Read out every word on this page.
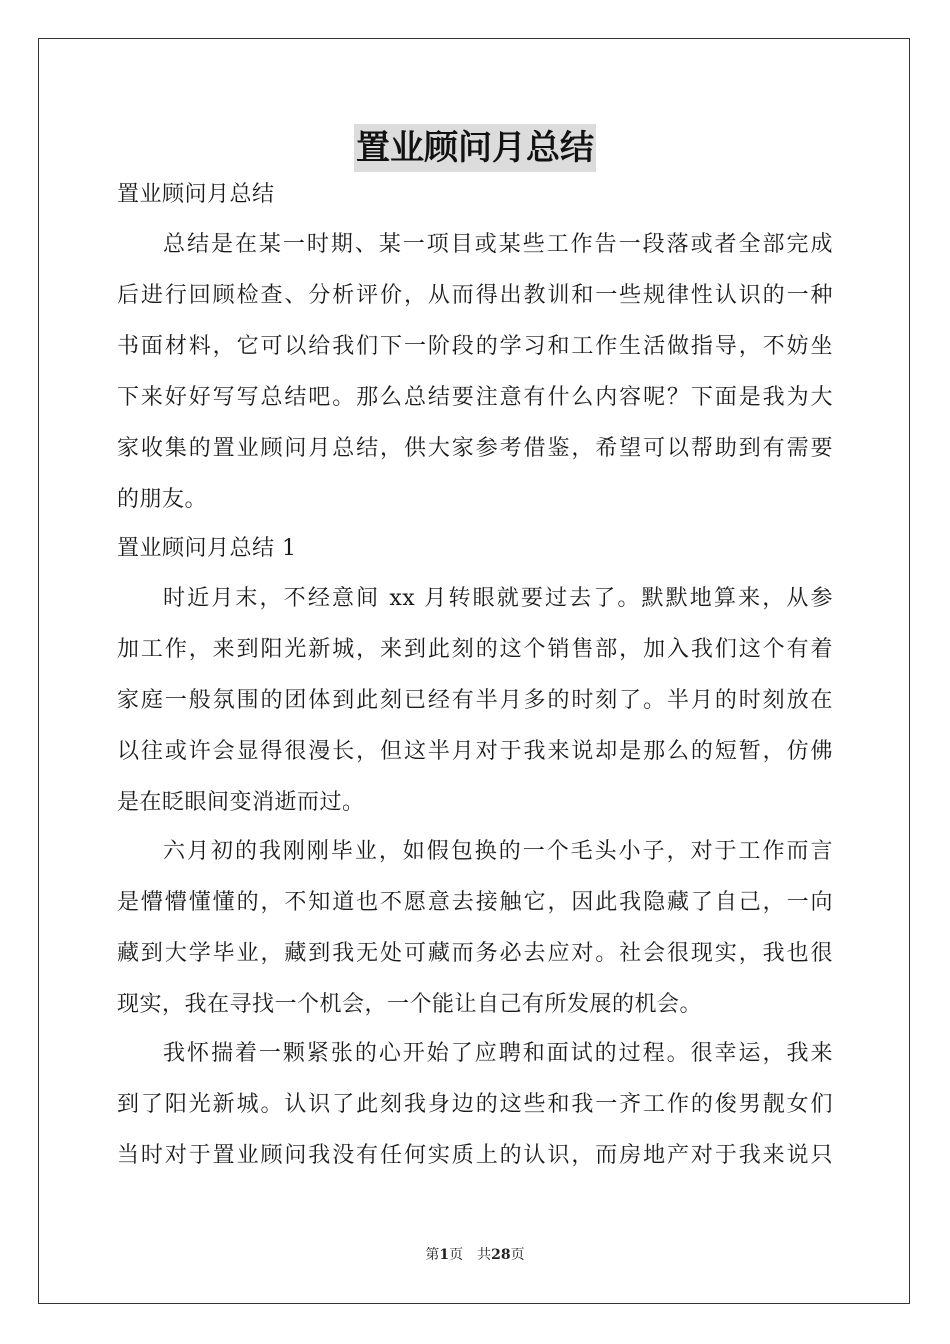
置业顾问月总结
置业顾问月总结
总结是在某一时期、某一项目或某些工作告一段落或者全部完成
后进行回顾检查、分析评价，从而得出教训和一些规律性认识的一种
书面材料，它可以给我们下一阶段的学习和工作生活做指导，不妨坐
下来好好写写总结吧。那么总结要注意有什么内容呢？下面是我为大
家收集的置业顾问月总结，供大家参考借鉴，希望可以帮助到有需要
的朋友。
置业顾问月总结 1
时近月末，不经意间 xx 月转眼就要过去了。默默地算来，从参
加工作，来到阳光新城，来到此刻的这个销售部，加入我们这个有着
家庭一般氛围的团体到此刻已经有半月多的时刻了。半月的时刻放在
以往或许会显得很漫长，但这半月对于我来说却是那么的短暂，仿佛
是在眨眼间变消逝而过。
六月初的我刚刚毕业，如假包换的一个毛头小子，对于工作而言
是懵懵懂懂的，不知道也不愿意去接触它，因此我隐藏了自己，一向
藏到大学毕业，藏到我无处可藏而务必去应对。社会很现实，我也很
现实，我在寻找一个机会，一个能让自己有所发展的机会。
我怀揣着一颗紧张的心开始了应聘和面试的过程。很幸运，我来
到了阳光新城。认识了此刻我身边的这些和我一齐工作的俊男靓女们
当时对于置业顾问我没有任何实质上的认识，而房地产对于我来说只
第1页 共28页
